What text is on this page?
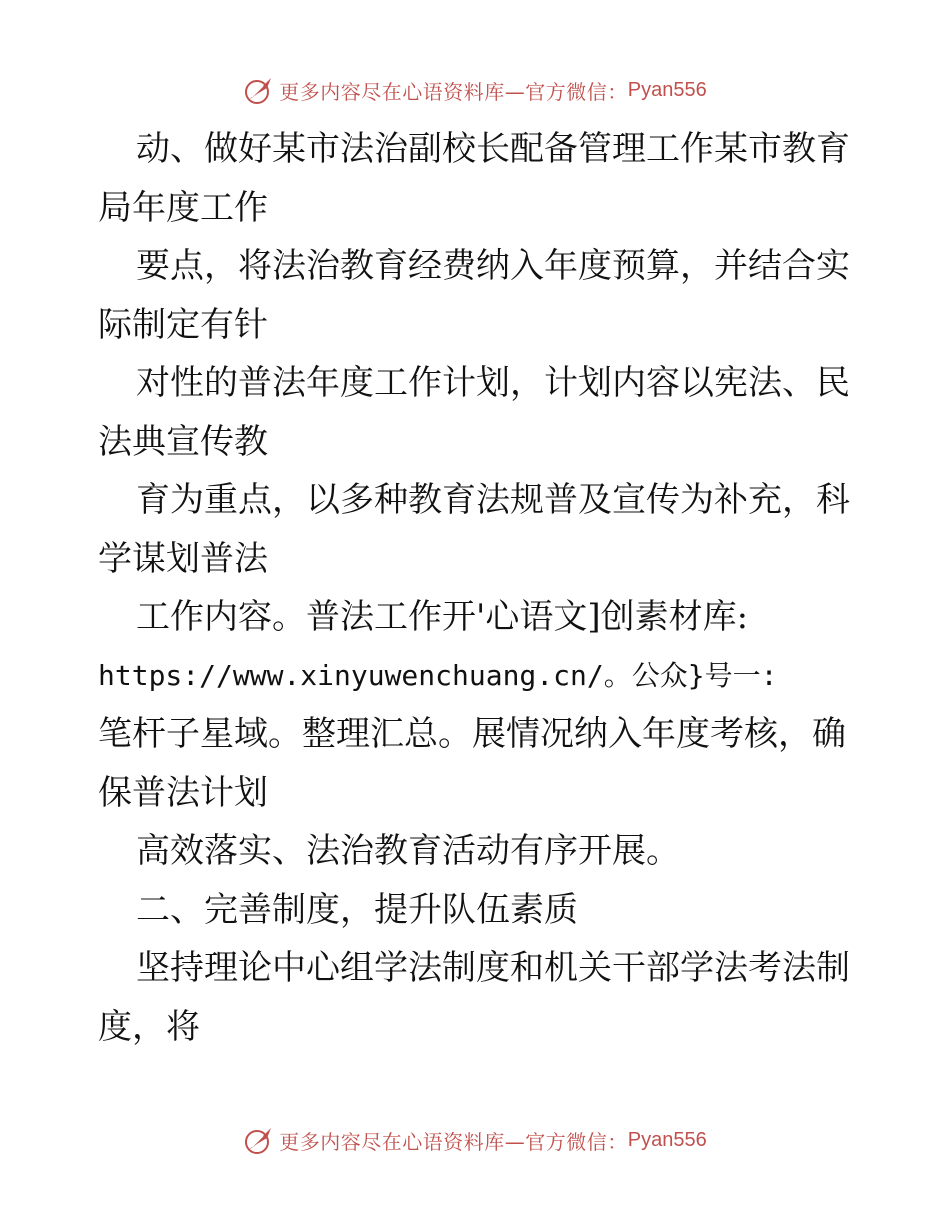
更多内容尽在心语资料库—官方微信： Pyan556
动、做好某市法治副校长配备管理工作某市教育
局年度工作
要点，将法治教育经费纳入年度预算，并结合实
际制定有针
对性的普法年度工作计划，计划内容以宪法、民
法典宣传教
育为重点，以多种教育法规普及宣传为补充，科
学谋划普法
工作内容。普法工作开'心语文]创素材库:
https://www.xinyuwenchuang.cn/。公众}号一:
笔杆子星域。整理汇总。展情况纳入年度考核，确
保普法计划
高效落实、法治教育活动有序开展。
二、完善制度，提升队伍素质
坚持理论中心组学法制度和机关干部学法考法制
度，将
更多内容尽在心语资料库—官方微信： Pyan556
